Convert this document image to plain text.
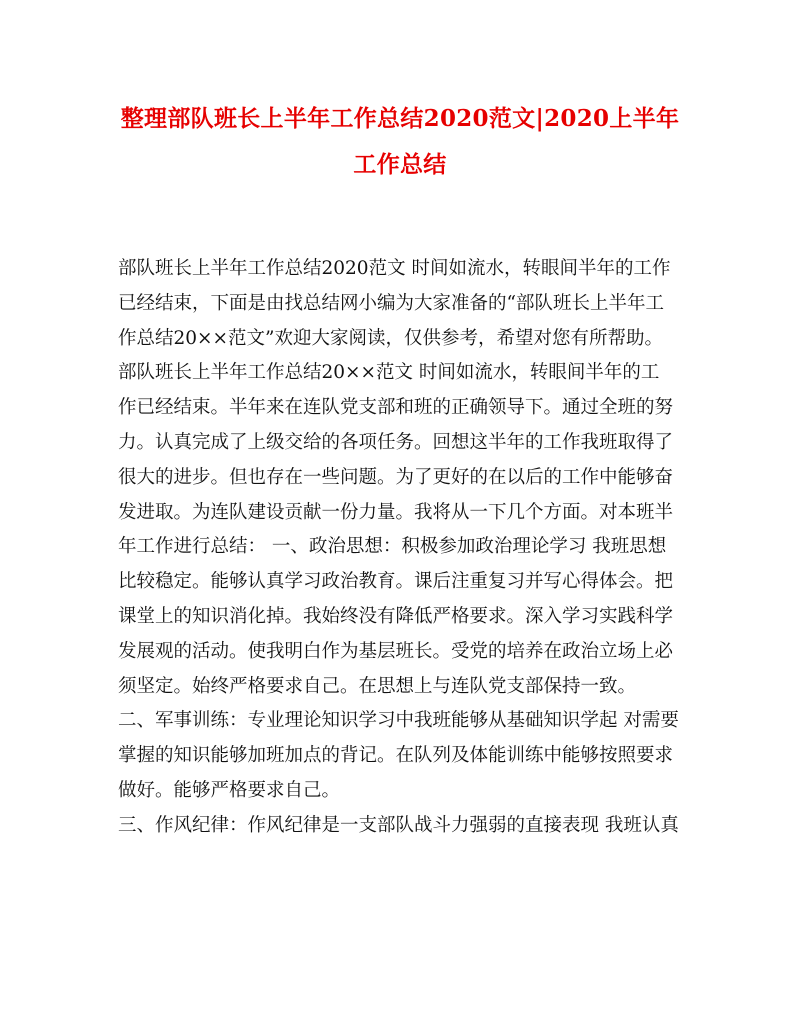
整理部队班长上半年工作总结2020范文|2020上半年
工作总结
部队班长上半年工作总结2020范文 时间如流水，转眼间半年的工作
已经结束，下面是由找总结网小编为大家准备的“部队班长上半年工
作总结20××范文”欢迎大家阅读，仅供参考，希望对您有所帮助。
部队班长上半年工作总结20××范文 时间如流水，转眼间半年的工
作已经结束。半年来在连队党支部和班的正确领导下。通过全班的努
力。认真完成了上级交给的各项任务。回想这半年的工作我班取得了
很大的进步。但也存在一些问题。为了更好的在以后的工作中能够奋
发进取。为连队建设贡献一份力量。我将从一下几个方面。对本班半
年工作进行总结： 一、政治思想：积极参加政治理论学习 我班思想
比较稳定。能够认真学习政治教育。课后注重复习并写心得体会。把
课堂上的知识消化掉。我始终没有降低严格要求。深入学习实践科学
发展观的活动。使我明白作为基层班长。受党的培养在政治立场上必
须坚定。始终严格要求自己。在思想上与连队党支部保持一致。
二、军事训练：专业理论知识学习中我班能够从基础知识学起 对需要
掌握的知识能够加班加点的背记。在队列及体能训练中能够按照要求
做好。能够严格要求自己。
三、作风纪律：作风纪律是一支部队战斗力强弱的直接表现 我班认真
